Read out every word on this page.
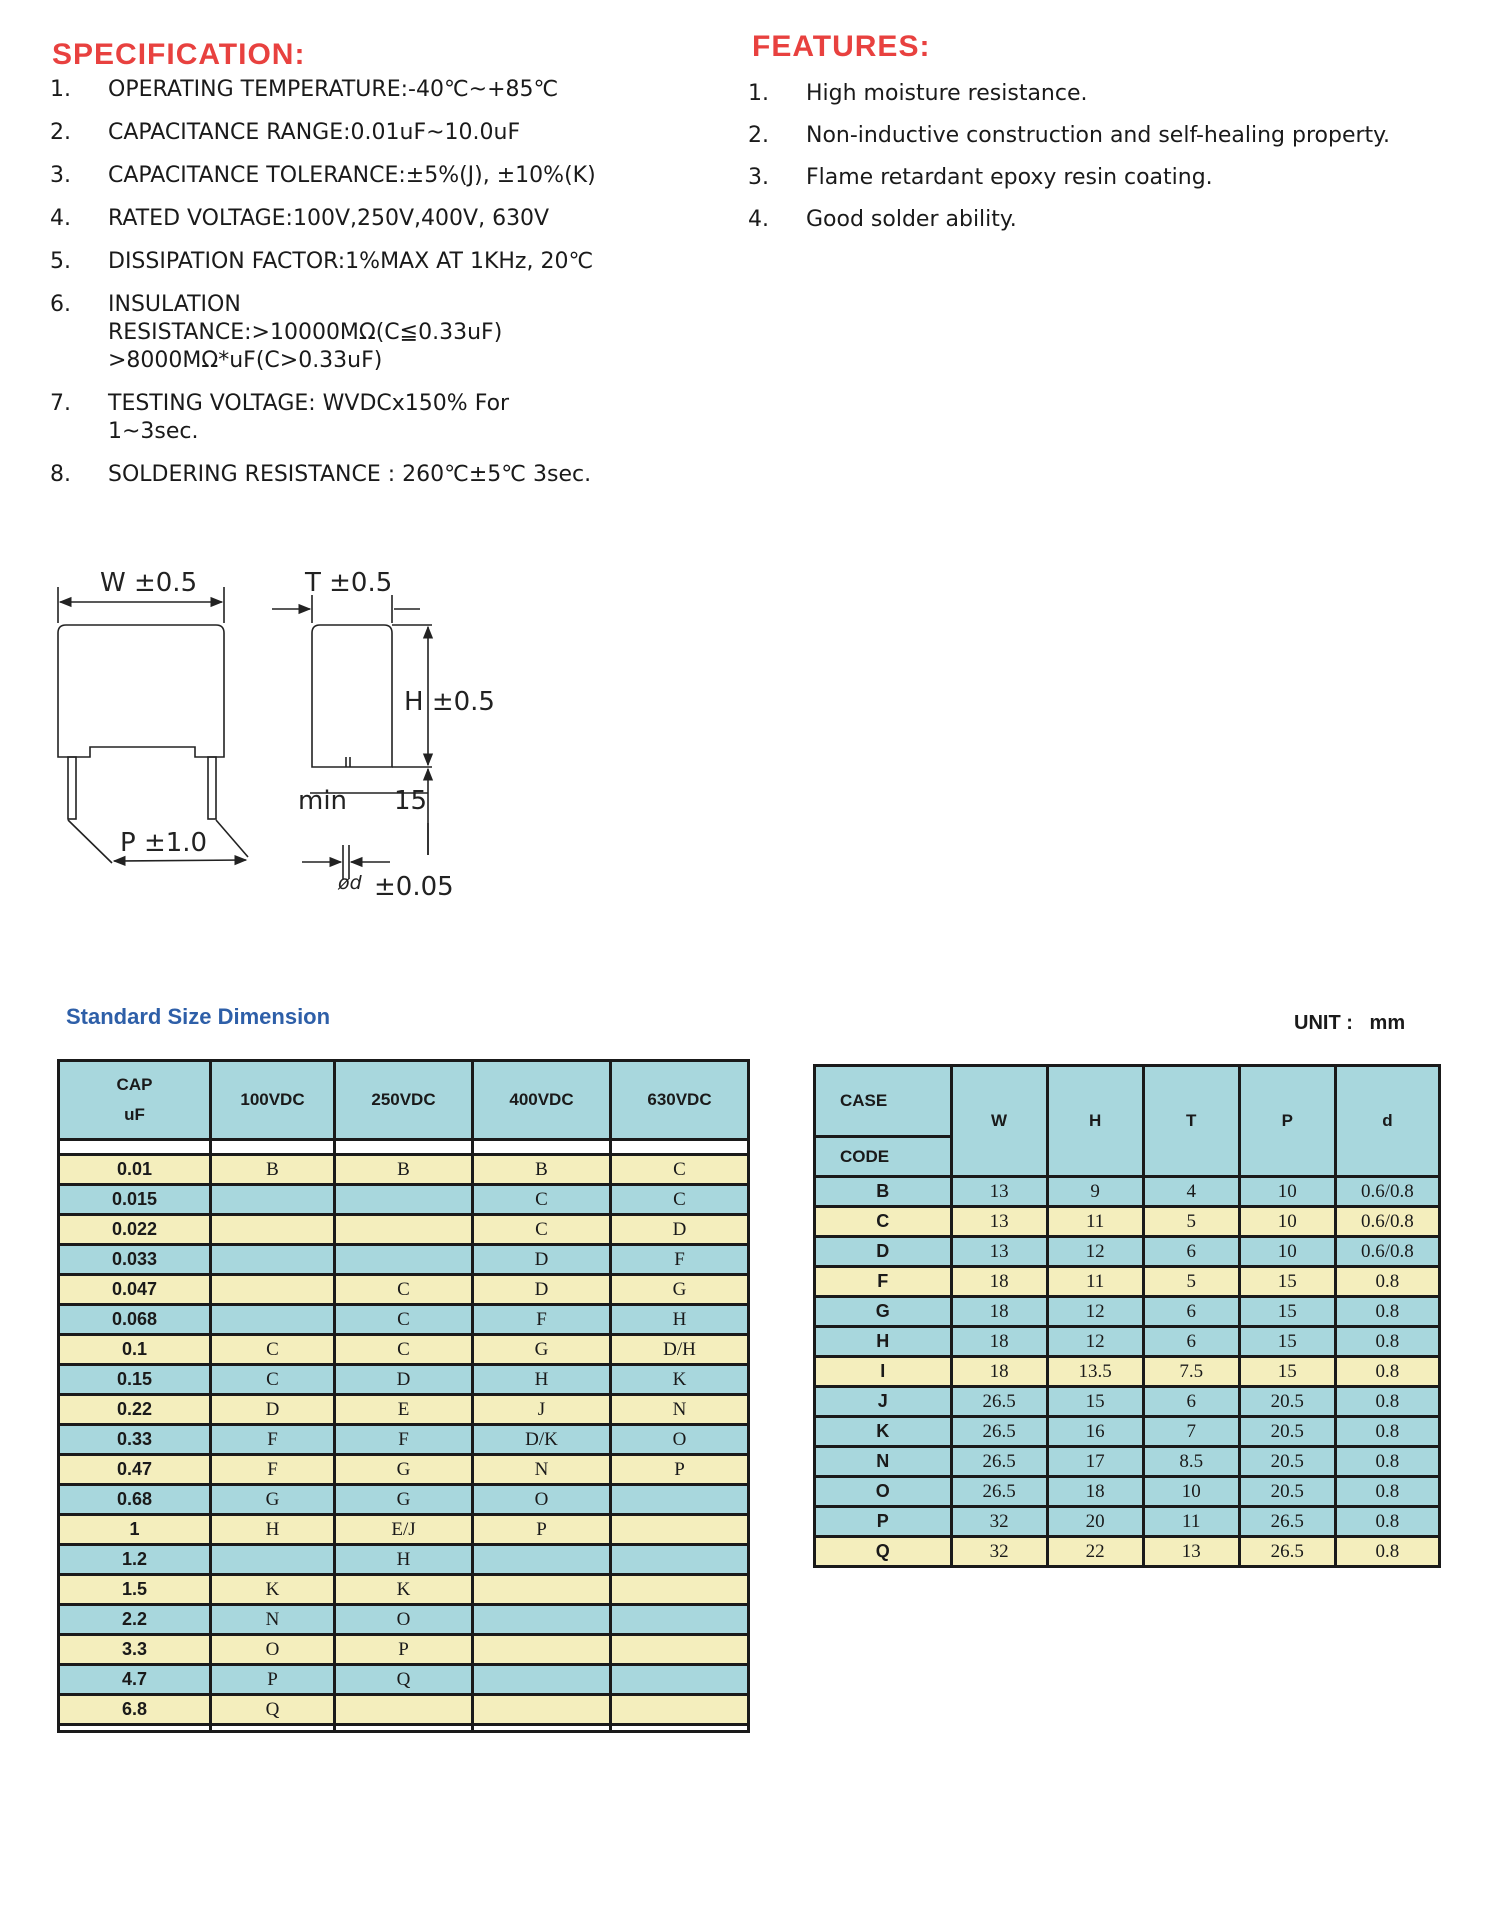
SPECIFICATION:
1.	OPERATING TEMPERATURE:-40℃~+85℃
2.	CAPACITANCE RANGE:0.01uF~10.0uF
3.	CAPACITANCE TOLERANCE:±5%(J), ±10%(K)
4.	RATED VOLTAGE:100V,250V,400V, 630V
5.	DISSIPATION FACTOR:1%MAX AT 1KHz, 20℃
6.	INSULATION
RESISTANCE:>10000MΩ(C≦0.33uF)
>8000MΩ*uF(C>0.33uF)
7.	TESTING VOLTAGE: WVDCx150% For
1~3sec.
8.	SOLDERING RESISTANCE : 260℃±5℃ 3sec.
FEATURES:
1.	High moisture resistance.
2.	Non-inductive construction and self-healing property.
3.	Flame retardant epoxy resin coating.
4.	Good solder ability.
W ±0.5	T ±0.5
H ±0.5
P ±1.0
min 15
ød ±0.05
Standard Size Dimension	UNIT :   mm
CAP
uF	100VDC	250VDC	400VDC	630VDC

0.01	B	B	B	C
0.015			C	C
0.022			C	D
0.033			D	F
0.047		C	D	G
0.068		C	F	H
0.1	C	C	G	D/H
0.15	C	D	H	K
0.22	D	E	J	N
0.33	F	F	D/K	O
0.47	F	G	N	P
0.68	G	G	O	
1	H	E/J	P	
1.2		H		
1.5	K	K		
2.2	N	O		
3.3	O	P		
4.7	P	Q		
6.8	Q			

CASE	W	H	T	P	d
CODE					
B	13	9	4	10	0.6/0.8
C	13	11	5	10	0.6/0.8
D	13	12	6	10	0.6/0.8
F	18	11	5	15	0.8
G	18	12	6	15	0.8
H	18	12	6	15	0.8
I	18	13.5	7.5	15	0.8
J	26.5	15	6	20.5	0.8
K	26.5	16	7	20.5	0.8
N	26.5	17	8.5	20.5	0.8
O	26.5	18	10	20.5	0.8
P	32	20	11	26.5	0.8
Q	32	22	13	26.5	0.8
